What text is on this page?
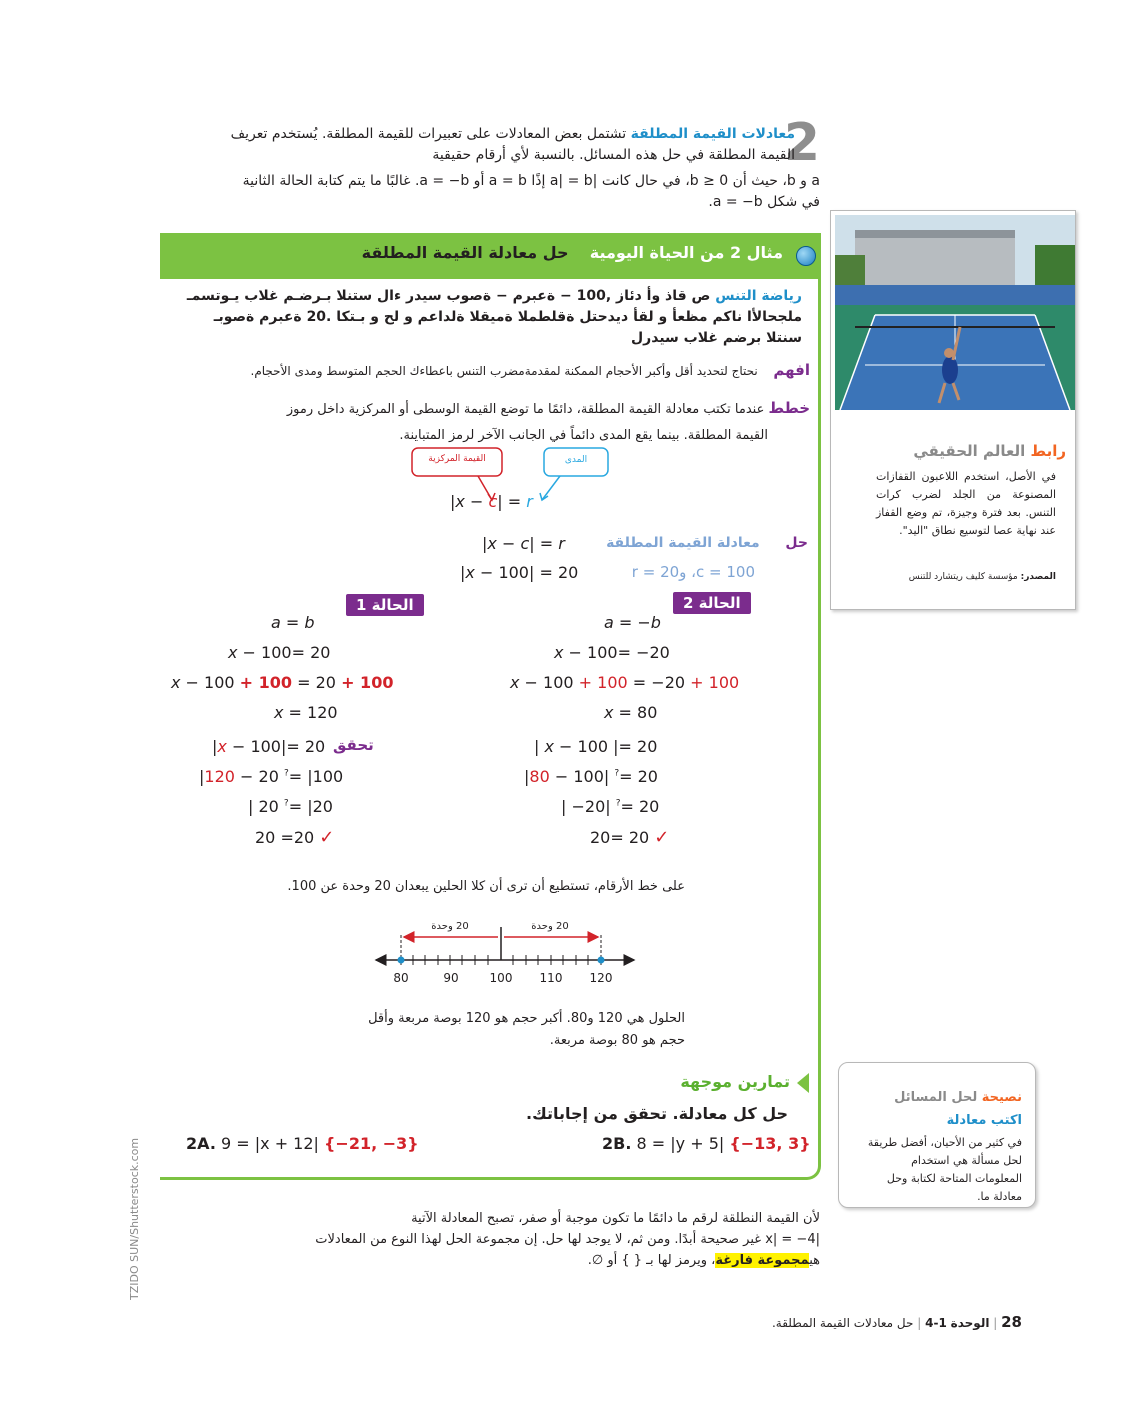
2
معادلات القيمة المطلقة تشتمل بعض المعادلات على تعبيرات للقيمة المطلقة. يُستخدم تعريف
القيمة المطلقة في حل هذه المسائل. بالنسبة لأي أرقام حقيقية
a و b، حيث أن b ≥ 0، في حال كانت |a| = b إذًا a = b أو a = −b. غالبًا ما يتم كتابة الحالة الثانية
في شكل a = −b.
مثال 2 من الحياة اليومية  حل معادلة القيمة المطلقة
رياضة التنس ص قاذ وأ دئاز ,100 − ةعبرم − ةصوب سيدر ءال ستنلا بـرضـم غلاب يـوتسمـ
ملجحالأا ناكم مظعأ و لقأ ديدحتل ةقلطملا ةميقلا ةلداعم و لح و بـتكا .20 ةعبرم ةصوبـ
سنتلا برضم غلاب سيدرل
افهم  نحتاج لتحديد أقل وأكبر الأحجام الممكنة لمقدمةمضرب التنس باعطاءك الحجم المتوسط ومدى الأحجام.
خطط عندما تكتب معادلة القيمة المطلقة، دائمًا ما توضع القيمة الوسطى أو المركزية داخل رموز
القيمة المطلقة. بينما يقع المدى دائماً في الجانب الآخر لرمز المتباينة.
القيمة المركزية	المدى
|x − c| = r
حل  معادلة القيمة المطلقة
|x − c| = r
c = 100، وr = 20
|x − 100| = 20
الحالة 1	الحالة 2
a = b
x − 100= 20
x − 100 + 100 = 20 + 100
x = 120
a = −b
x − 100= −20
x − 100 + 100 = −20 + 100
x = 80
تحقق
|x − 100|= 20
|120 − 20 ?= |100
| 20 ?= |20
20 =20 ✓
| x − 100 |= 20
|80 − 100| ?= 20
| −20| ?= 20
20= 20 ✓
على خط الأرقام، تستطيع أن ترى أن كلا الحلين يبعدان 20 وحدة عن 100.
20 وحدة	20 وحدة
80	90	100 110 120
الحلول هي 120 و80. أكبر حجم هو 120 بوصة مربعة وأقل
حجم هو 80 بوصة مربعة.
تمارين موجهة
حل كل معادلة. تحقق من إجاباتك.
2A. 9 = |x + 12| {−21, −3}	2B. 8 = |y + 5| {−13, 3}
لأن القيمة النطلقة لرقم ما دائمًا ما تكون موجبة أو صفر، تصبح المعادلة الآتية
|x| = −4 غير صحيحة أبدًا. ومن ثم، لا يوجد لها حل. إن مجموعة الحل لهذا النوع من المعادلات
هيمجموعة فارغة، ويرمز لها بـ { } أو ∅.
رابط العالم الحقيقي
في الأصل، استخدم اللاعبون القفازات المصنوعة من الجلد لضرب كرات التنس. بعد فترة وجيزة، تم وضع القفاز عند نهاية عصا لتوسيع نطاق "اليد".
المصدر: مؤسسة كليف ريتشارد للتنس
نصيحة لحل المسائل
اكتب معادلة
في كثير من الأحيان، أفضل طريقة لحل مسألة هي استخدام المعلومات المتاحة لكتابة وحل معادلة ما.
TZIDO SUN/Shutterstock.com
28 | الوحدة 1-4 | حل معادلات القيمة المطلقة.
